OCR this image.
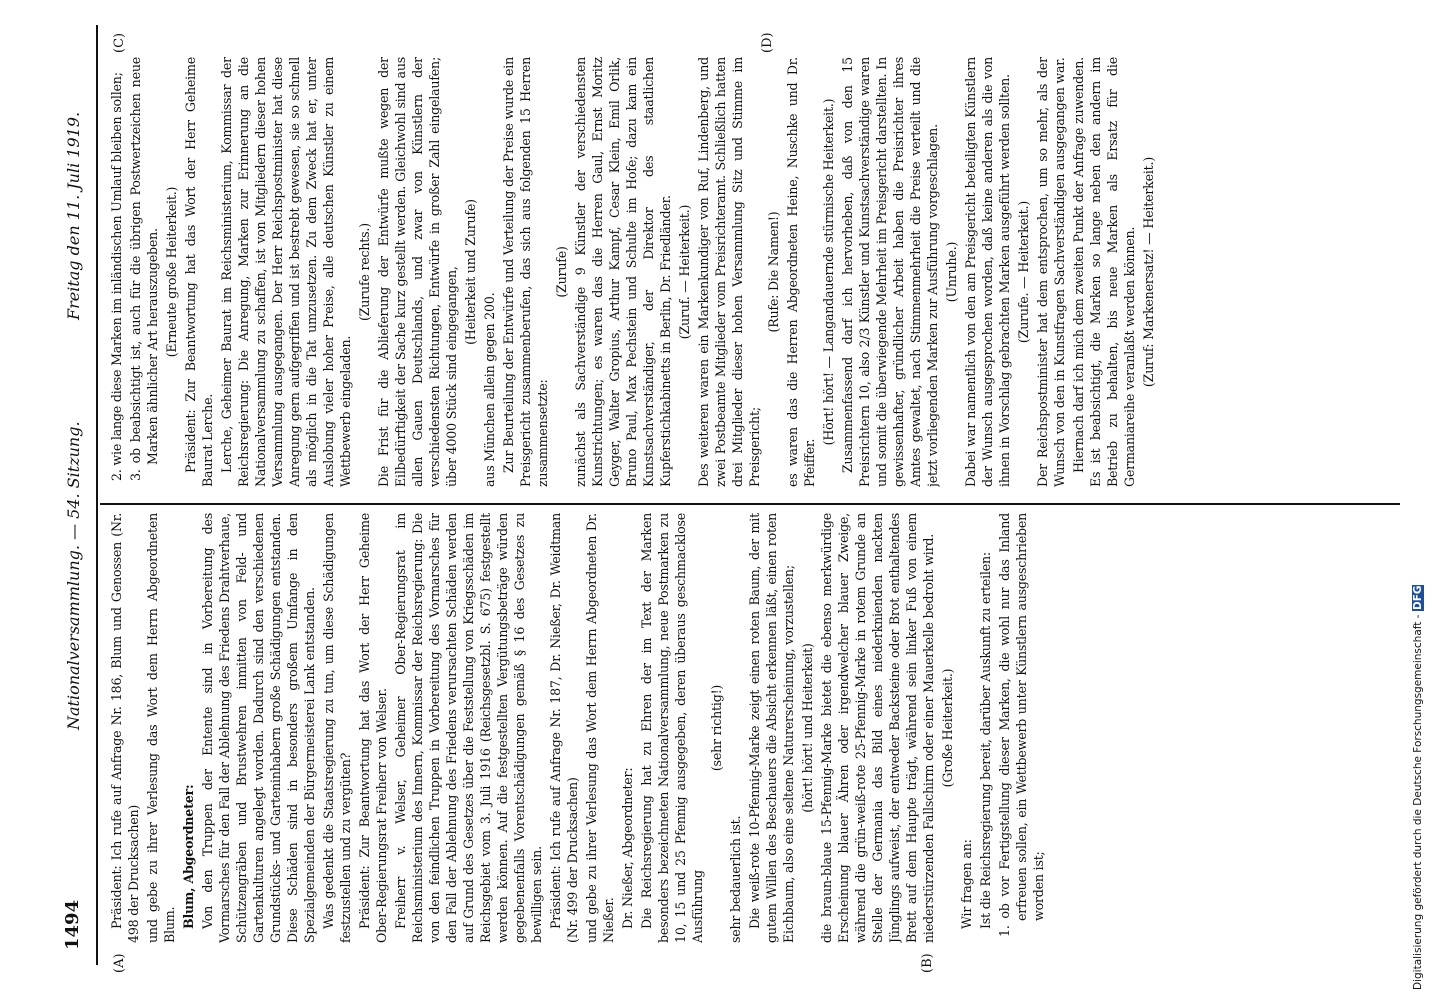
1494
Nationalversammlung. — 54. Sitzung.
Freitag den 11. Juli 1919.
(A)	(B)
(C)	(D)

Präsident: Ich rufe auf Anfrage Nr. 186, Blum und Genossen (Nr. 498 der Drucksachen) und gebe zu ihrer Verlesung das Wort dem Herrn Abgeordneten Blum. Blum, Abgeordneter: Von den Truppen der Entente sind in Vorbereitung des Vormarsches für den Fall der Ablehnung des Friedens Drahtverhaue, Schützengräben und Brustwehren inmitten von Feld- und Gartenkulturen angelegt worden. Dadurch sind den verschiedenen Grundstücks- und Garteninhabern große Schädigungen entstanden. Diese Schäden sind in besonders großem Umfange in den Spezialgemeinden der Bürgermeisterei Lank entstanden. Was gedenkt die Staatsregierung zu tun, um diese Schädigungen festzustellen und zu vergüten? Präsident: Zur Beantwortung hat das Wort der Herr Geheime Ober-Regierungsrat Freiherr von Welser. Freiherr v. Welser, Geheimer Ober-Regierungsrat im Reichsministerium des Innern, Kommissar der Reichsregierung: Die von den feindlichen Truppen in Vorbereitung des Vormarsches für den Fall der Ablehnung des Friedens verursachten Schäden werden auf Grund des Gesetzes über die Feststellung von Kriegsschäden im Reichsgebiet vom 3. Juli 1916 (Reichsgesetzbl. S. 675) festgestellt werden können. Auf die festgestellten Vergütungsbeträge würden gegebenenfalls Vorentschädigungen gemäß § 16 des Gesetzes zu bewilligen sein. Präsident: Ich rufe auf Anfrage Nr. 187, Dr. Nießer, Dr. Weidtman (Nr. 499 der Drucksachen) und gebe zu ihrer Verlesung das Wort dem Herrn Abgeordneten Dr. Nießer. Dr. Nießer, Abgeordneter: Die Reichsregierung hat zu Ehren der im Text der Marken besonders bezeichneten Nationalversammlung, neue Postmarken zu 10, 15 und 25 Pfennig ausgegeben, deren überaus geschmacklose Ausführung

(sehr richtig!)

sehr bedauerlich ist. Die weiß-rote 10-Pfennig-Marke zeigt einen roten Baum, der mit gutem Willen des Beschauers die Absicht erkennen läßt, einen roten Eichbaum, also eine seltene Naturerscheinung, vorzustellen; (hört! hört! und Heiterkeit) die braun-blaue 15-Pfennig-Marke bietet die ebenso merkwürdige Erscheinung blauer Ähren oder irgendwelcher blauer Zweige, während die grün-weiß-rote 25-Pfennig-Marke in rotem Grunde an Stelle der Germania das Bild eines niederknienden nackten Jünglings aufweist, der entweder Backsteine oder Brot enthaltendes Brett auf dem Haupte trägt, während sein linker Fuß von einem niederstürzenden Fallschirm oder einer Mauerkelle bedroht wird. (Große Heiterkeit.)

Wir fragen an: Ist die Reichsregierung bereit, darüber Auskunft zu erteilen: 1. ob vor Fertigstellung dieser Marken, die wohl nur das Inland erfreuen sollen, ein Wettbewerb unter Künstlern ausgeschrieben worden ist;

2. wie lange diese Marken im inländischen Umlauf bleiben sollen; 3. ob beabsichtigt ist, auch für die übrigen Postwertzeichen neue Marken ähnlicher Art herauszugeben. (Erneute große Heiterkeit.) Präsident: Zur Beantwortung hat das Wort der Herr Geheime Baurat Lerche. Lerche, Geheimer Baurat im Reichsministerium, Kommissar der Reichsregierung: Die Anregung, Marken zur Erinnerung an die Nationalversammlung zu schaffen, ist von Mitgliedern dieser hohen Versammlung ausgegangen. Der Herr Reichspostminister hat diese Anregung gern aufgegriffen und ist bestrebt gewesen, sie so schnell als möglich in die Tat umzusetzen. Zu dem Zweck hat er, unter Auslobung vieler hoher Preise, alle deutschen Künstler zu einem Wettbewerb eingeladen.

(Zurufe rechts.) Die Frist für die Ablieferung der Entwürfe mußte wegen der Eilbedürftigkeit der Sache kurz gestellt werden. Gleichwohl sind aus allen Gauen Deutschlands, und zwar von Künstlern der verschiedensten Richtungen, Entwürfe in großer Zahl eingelaufen; über 4000 Stück sind eingegangen, (Heiterkeit und Zurufe)

aus München allein gegen 200. Zur Beurteilung der Entwürfe und Verteilung der Preise wurde ein Preisgericht zusammenberufen, das sich aus folgenden 15 Herren zusammensetzte:

(Zurufe) zunächst als Sachverständige 9 Künstler der verschiedensten Kunstrichtungen; es waren das die Herren Gaul, Ernst Moritz Geyger, Walter Gropius, Arthur Kampf, Cesar Klein, Emil Orlik, Bruno Paul, Max Pechstein und Schulte im Hofe; dazu kam ein Kunstsachverständiger, der Direktor des staatlichen Kupferstichkabinetts in Berlin, Dr. Friedländer. (Zuruf. — Heiterkeit.) Des weiteren waren ein Markenkundiger von Ruf, Lindenberg, und zwei Postbeamte Mitglieder vom Preisrichteramt. Schließlich hatten drei Mitglieder dieser hohen Versammlung Sitz und Stimme im Preisgericht;

(Rufe: Die Namen!) es waren das die Herren Abgeordneten Heine, Nuschke und Dr. Pfeiffer.

(Hört! hört! — Langandauernde stürmische Heiterkeit.) Zusammenfassend darf ich hervorheben, daß von den 15 Preisrichtern 10, also 2/3 Künstler und Kunstsachverständige waren und somit die überwiegende Mehrheit im Preisgericht darstellten. In gewissenhafter, gründlicher Arbeit haben die Preisrichter ihres Amtes gewaltet, nach Stimmenmehrheit die Preise verteilt und die jetzt vorliegenden Marken zur Ausführung vorgeschlagen. (Unruhe.) Dabei war namentlich von den am Preisgericht beteiligten Künstlern der Wunsch ausgesprochen worden, daß keine anderen als die von ihnen in Vorschlag gebrachten Marken ausgeführt werden sollten. (Zurufe. — Heiterkeit.) Der Reichspostminister hat dem entsprochen, um so mehr, als der Wunsch von den in Kunstfragen Sachverständigen ausgegangen war. Hiernach darf ich mich dem zweiten Punkt der Anfrage zuwenden. Es ist beabsichtigt, die Marken so lange neben den andern im Betrieb zu behalten, bis neue Marken als Ersatz für die Germaniareihe veranlaßt werden können. (Zuruf: Markenersatz! — Heiterkeit.)

Digitalisierung gefördert durch die Deutsche Forschungsgemeinschaft - DFG
